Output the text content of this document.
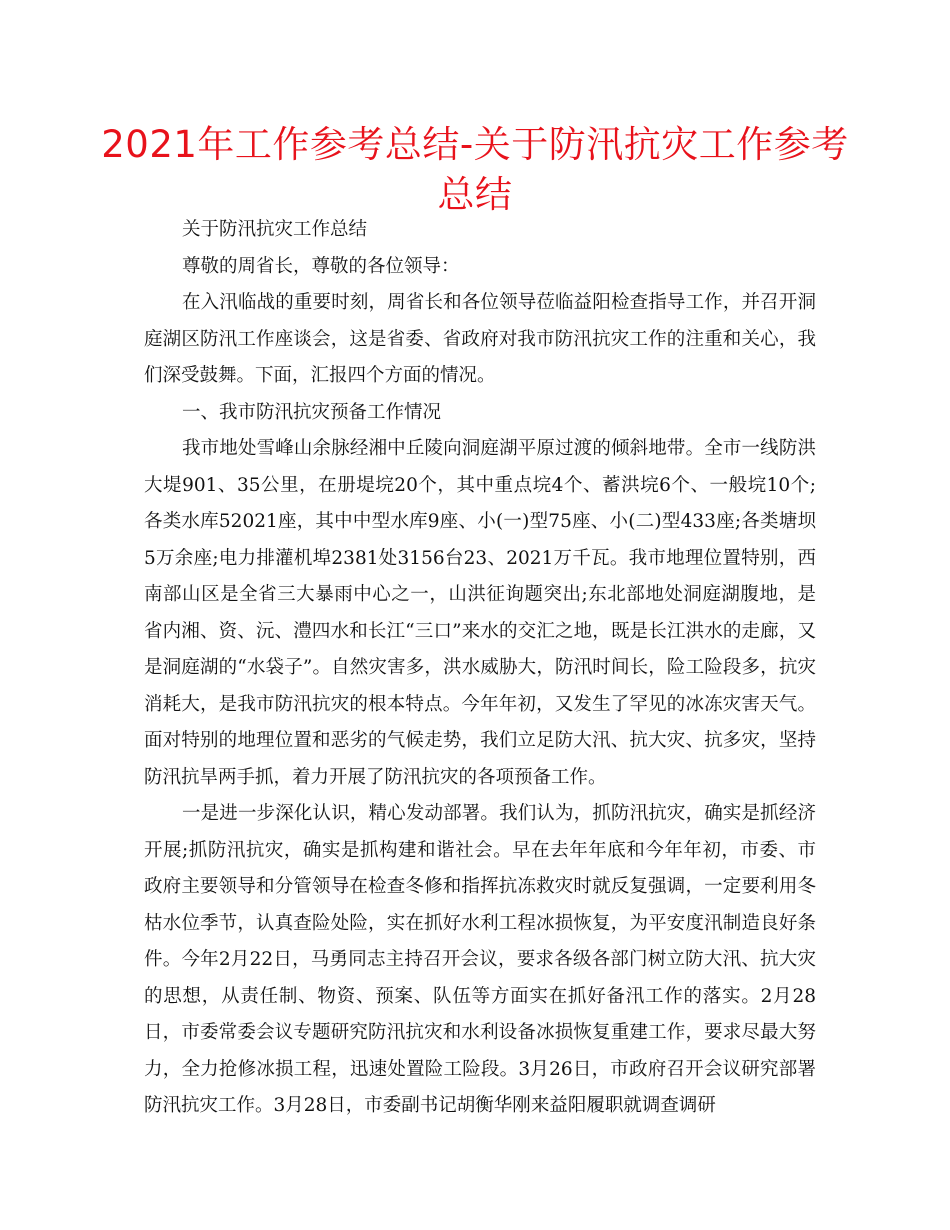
2021年工作参考总结-关于防汛抗灾工作参考总结

关于防汛抗灾工作总结

尊敬的周省长，尊敬的各位领导：

在入汛临战的重要时刻，周省长和各位领导莅临益阳检查指导工作，并召开洞庭湖区防汛工作座谈会，这是省委、省政府对我市防汛抗灾工作的注重和关心，我们深受鼓舞。下面，汇报四个方面的情况。

一、我市防汛抗灾预备工作情况

我市地处雪峰山余脉经湘中丘陵向洞庭湖平原过渡的倾斜地带。全市一线防洪大堤901、35公里，在册堤垸20个，其中重点垸4个、蓄洪垸6个、一般垸10个;各类水库52021座，其中中型水库9座、小(一)型75座、小(二)型433座;各类塘坝5万余座;电力排灌机埠2381处3156台23、2021万千瓦。我市地理位置特别，西南部山区是全省三大暴雨中心之一，山洪征询题突出;东北部地处洞庭湖腹地，是省内湘、资、沅、澧四水和长江“三口”来水的交汇之地，既是长江洪水的走廊，又是洞庭湖的“水袋子”。自然灾害多，洪水威胁大，防汛时间长，险工险段多，抗灾消耗大，是我市防汛抗灾的根本特点。今年年初，又发生了罕见的冰冻灾害天气。面对特别的地理位置和恶劣的气候走势，我们立足防大汛、抗大灾、抗多灾，坚持防汛抗旱两手抓，着力开展了防汛抗灾的各项预备工作。

一是进一步深化认识，精心发动部署。我们认为，抓防汛抗灾，确实是抓经济开展;抓防汛抗灾，确实是抓构建和谐社会。早在去年年底和今年年初，市委、市政府主要领导和分管领导在检查冬修和指挥抗冻救灾时就反复强调，一定要利用冬枯水位季节，认真查险处险，实在抓好水利工程冰损恢复，为平安度汛制造良好条件。今年2月22日，马勇同志主持召开会议，要求各级各部门树立防大汛、抗大灾的思想，从责任制、物资、预案、队伍等方面实在抓好备汛工作的落实。2月28日，市委常委会议专题研究防汛抗灾和水利设备冰损恢复重建工作，要求尽最大努力，全力抢修冰损工程，迅速处置险工险段。3月26日，市政府召开会议研究部署防汛抗灾工作。3月28日，市委副书记胡衡华刚来益阳履职就调查调研
